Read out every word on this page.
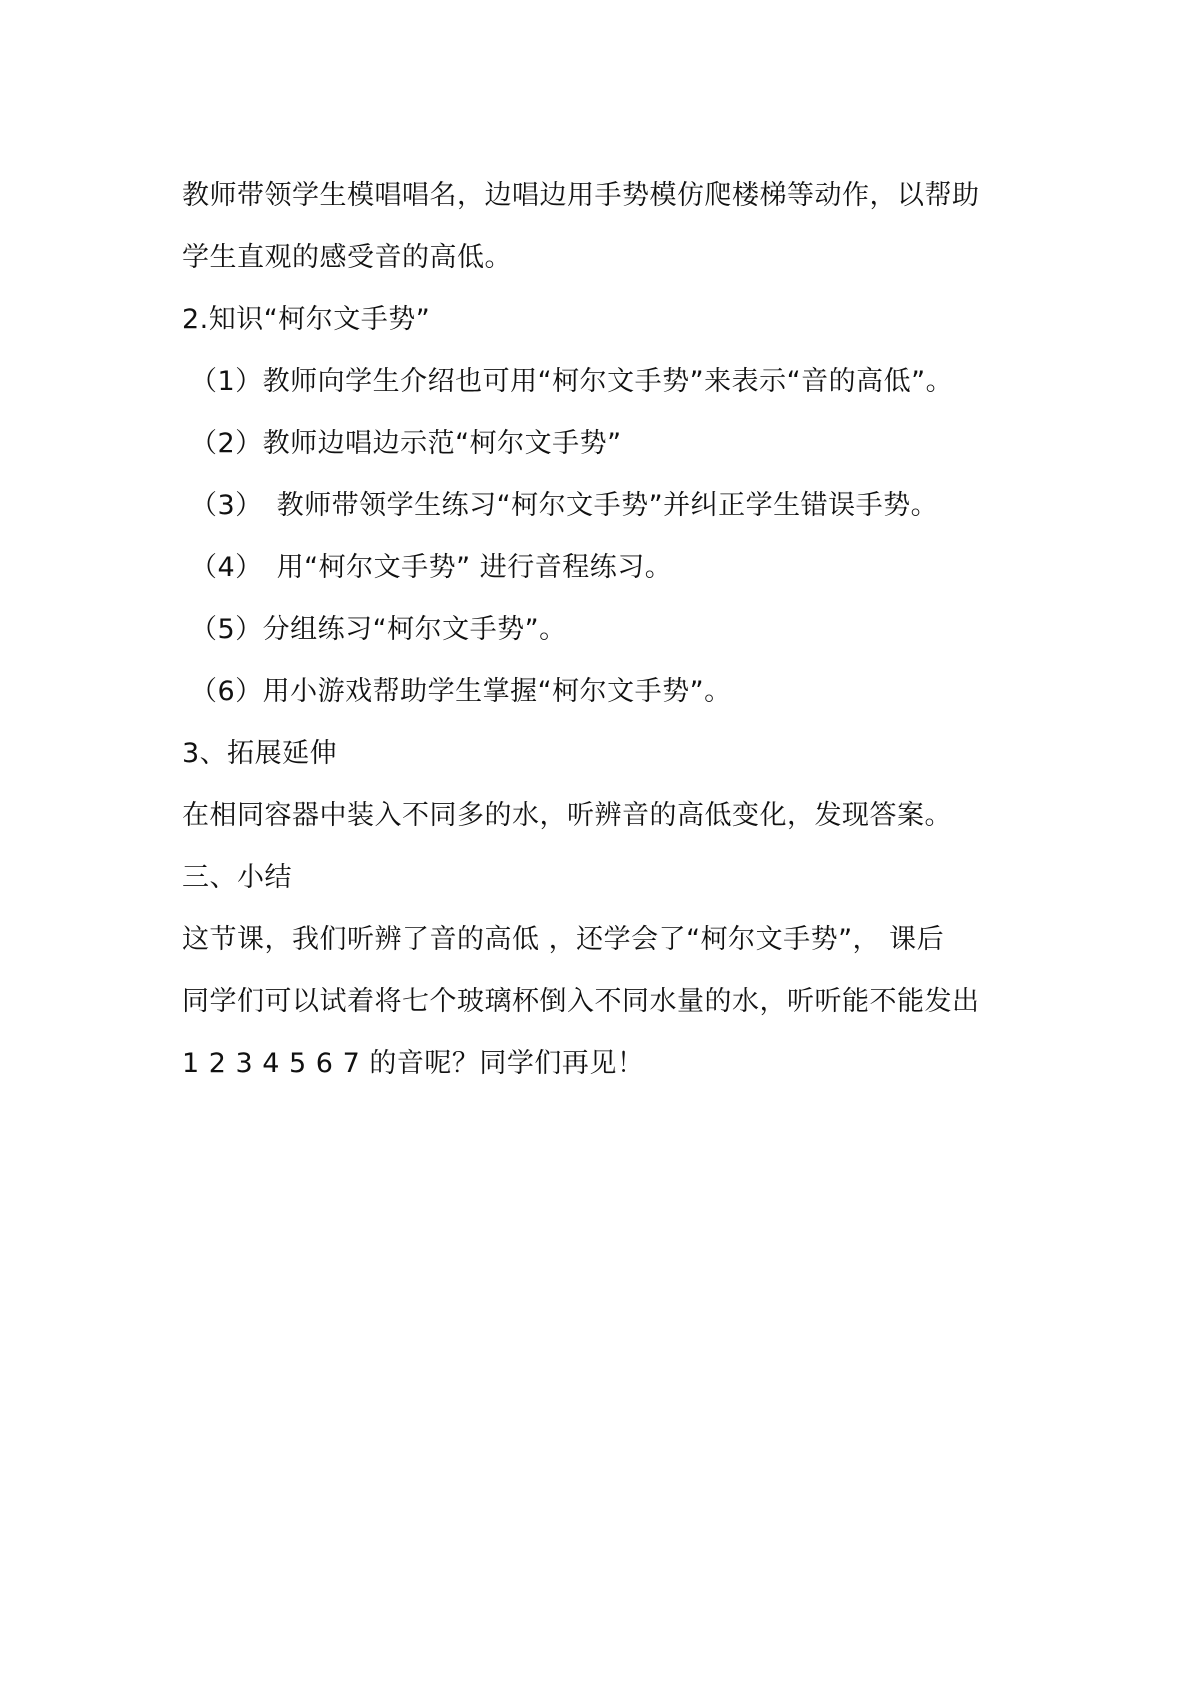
教师带领学生模唱唱名，边唱边用手势模仿爬楼梯等动作，以帮助
学生直观的感受音的高低。
2.知识“柯尔文手势”
（1）教师向学生介绍也可用“柯尔文手势”来表示“音的高低”。
（2）教师边唱边示范“柯尔文手势”
（3）　教师带领学生练习“柯尔文手势”并纠正学生错误手势。
（4）　用“柯尔文手势” 进行音程练习。
（5）分组练习“柯尔文手势”。
（6）用小游戏帮助学生掌握“柯尔文手势”。
3、拓展延伸
在相同容器中装入不同多的水，听辨音的高低变化，发现答案。
三、小结
这节课，我们听辨了音的高低 ，还学会了“柯尔文手势”， 课后
同学们可以试着将七个玻璃杯倒入不同水量的水，听听能不能发出
1 2 3 4 5 6 7 的音呢？同学们再见！
